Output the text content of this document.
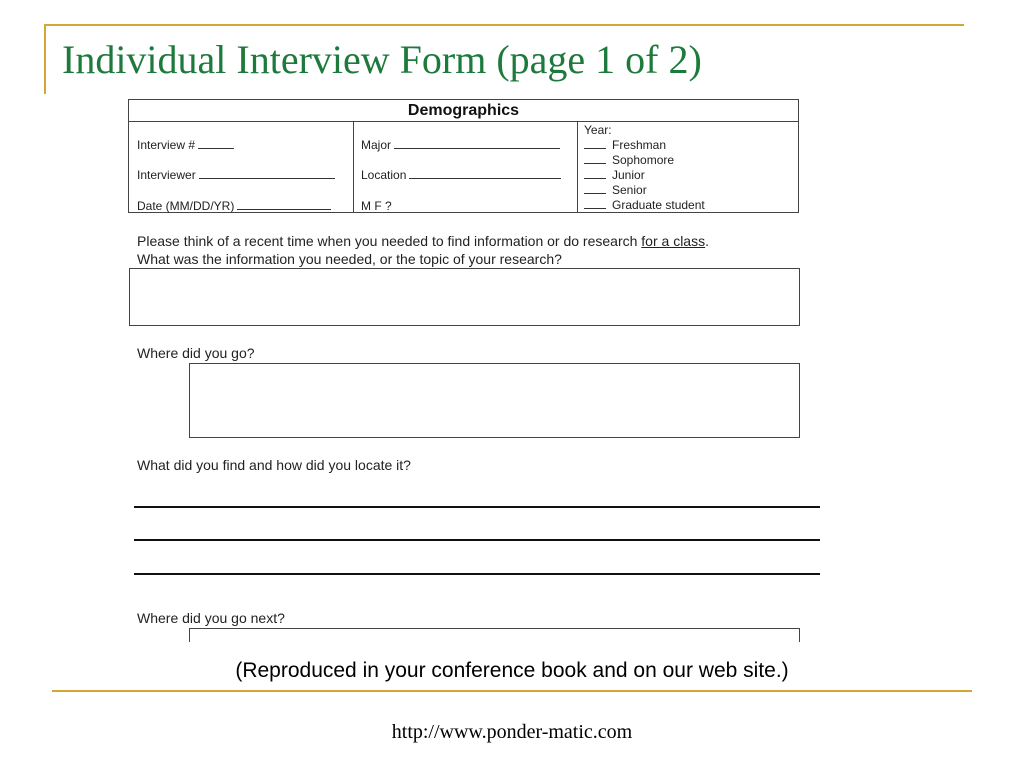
Individual Interview Form (page 1 of 2)
Demographics
Interview #
Interviewer
Date (MM/DD/YR)
Major
Location
M F ?
Year:
Freshman
Sophomore
Junior
Senior
Graduate student
Please think of a recent time when you needed to find information or do research for a class.
What was the information you needed, or the topic of your research?
Where did you go?
What did you find and how did you locate it?
Where did you go next?
(Reproduced in your conference book and on our web site.)
http://www.ponder-matic.com
